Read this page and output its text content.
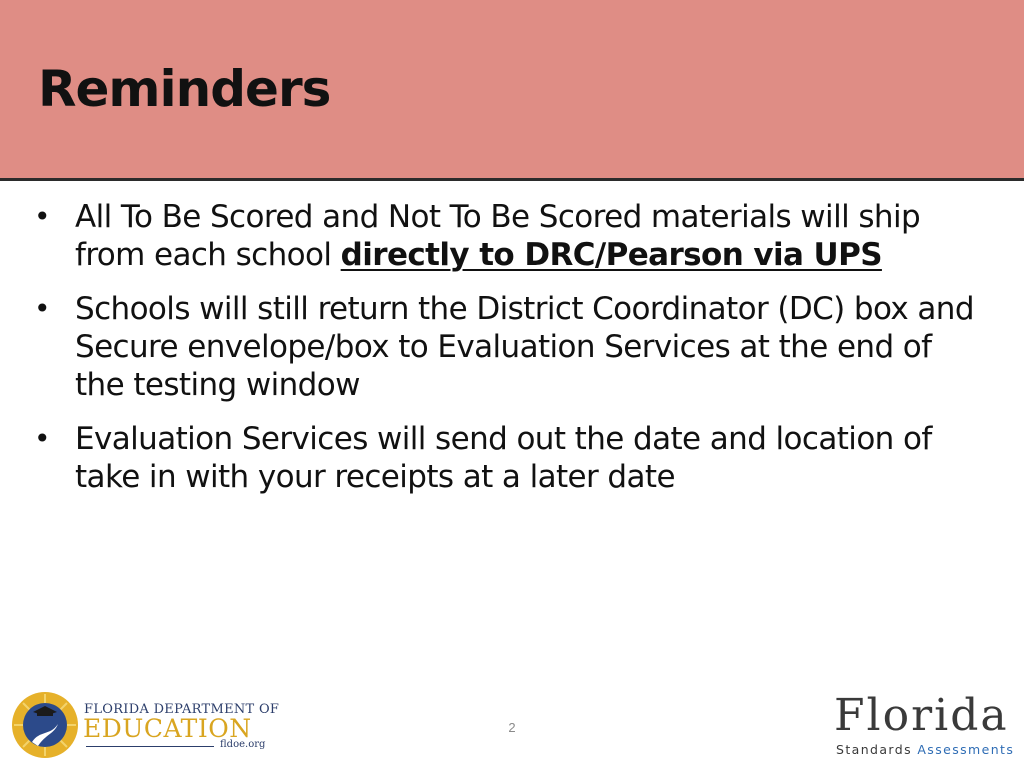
Reminders
• All To Be Scored and Not To Be Scored materials will ship from each school directly to DRC/Pearson via UPS
• Schools will still return the District Coordinator (DC) box and Secure envelope/box to Evaluation Services at the end of the testing window
• Evaluation Services will send out the date and location of take in with your receipts at a later date
2
FLORIDA DEPARTMENT OF
EDUCATION
fldoe.org
Florida
Standards Assessments
